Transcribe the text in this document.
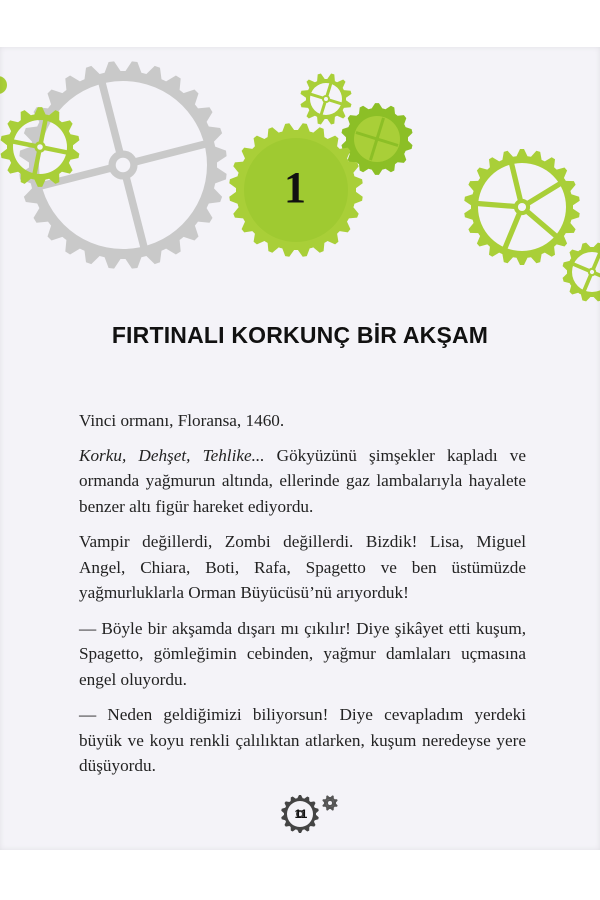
1
FIRTINALI KORKUNÇ BİR AKŞAM

Vinci ormanı, Floransa, 1460.

Korku, Dehşet, Tehlike... Gökyüzünü şimşekler kapladı ve ormanda yağmurun altında, ellerinde gaz lambalarıyla hayalete benzer altı figür hareket ediyordu.

Vampir değillerdi, Zombi değillerdi. Bizdik! Lisa, Miguel Angel, Chiara, Boti, Rafa, Spagetto ve ben üstümüzde yağmurluklarla Orman Büyücüsü’nü arıyorduk!

— Böyle bir akşamda dışarı mı çıkılır! Diye şikâyet etti kuşum, Spagetto, gömleğimin cebinden, yağmur damlaları uçmasına engel oluyordu.

— Neden geldiğimizi biliyorsun! Diye cevapladım yerdeki büyük ve koyu renkli çalılıktan atlarken, kuşum neredeyse yere düşüyordu.

11
